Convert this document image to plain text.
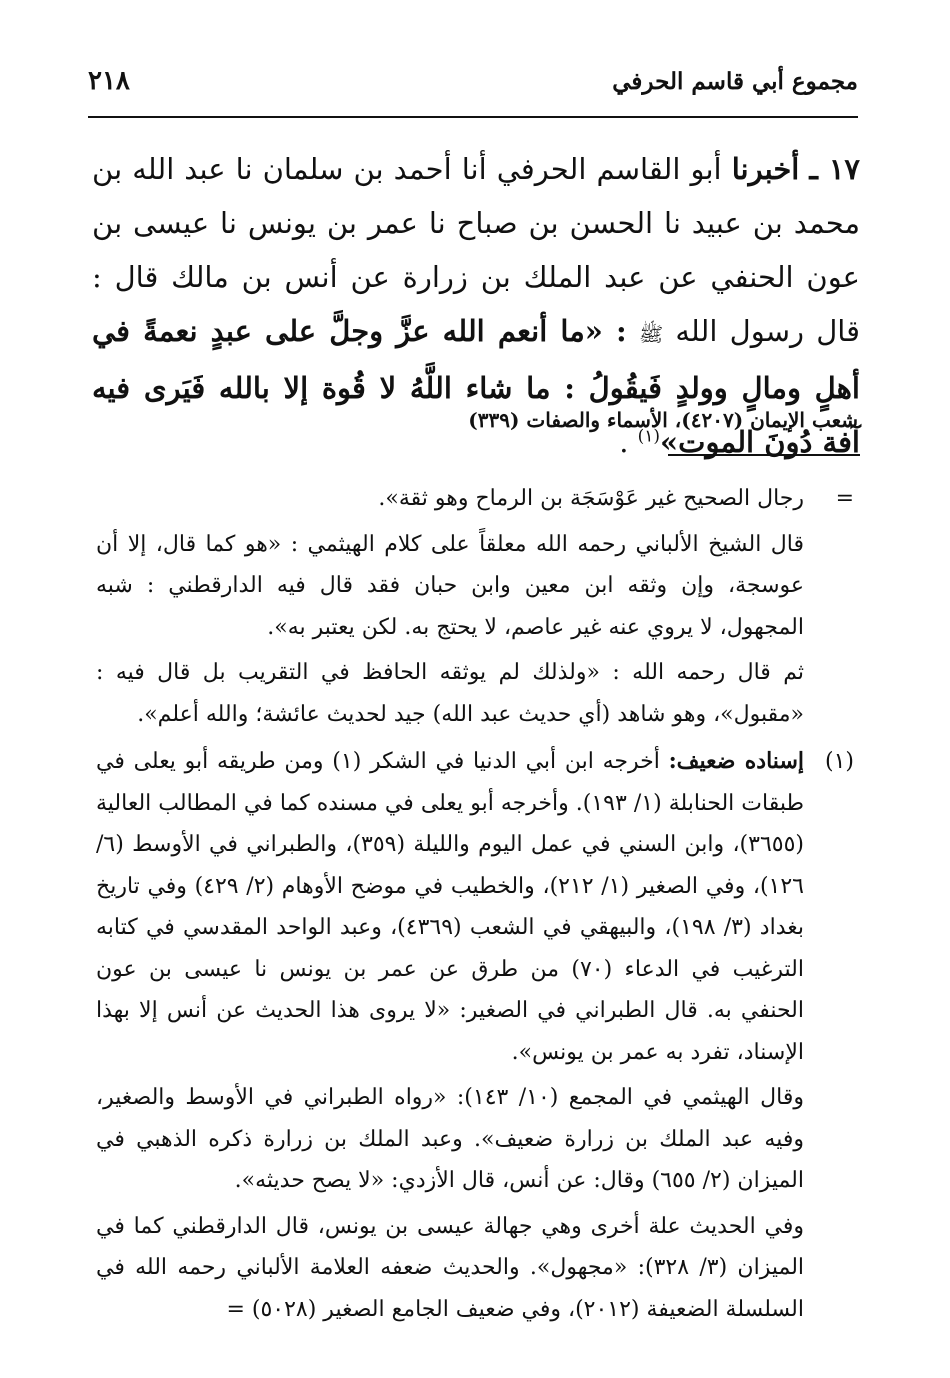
٢١٨	مجموع أبي قاسم الحرفي
١٧ ـ أخبرنا أبو القاسم الحرفي أنا أحمد بن سلمان نا عبد الله بن محمد بن عبيد نا الحسن بن صباح نا عمر بن يونس نا عيسى بن عون الحنفي عن عبد الملك بن زرارة عن أنس بن مالك قال : قال رسول الله ﷺ : «ما أنعم الله عزَّ وجلَّ على عبدٍ نعمةً في أهلٍ ومالٍ وولدٍ فَيقُولُ : ما شاء اللَّهُ لا قُوة إلا بالله فَيَرى فيه آفة دُونَ الموت»$^{(١)}$ .
شعب الإيمان (٤٢٠٧)، الأسماء والصفات (٣٣٩)
=

رجال الصحيح غير عَوْسَجَة بن الرماح وهو ثقة».

قال الشيخ الألباني رحمه الله معلقاً على كلام الهيثمي : «هو كما قال، إلا أن عوسجة، وإن وثقه ابن معين وابن حبان فقد قال فيه الدارقطني : شبه المجهول، لا يروي عنه غير عاصم، لا يحتج به. لكن يعتبر به».

ثم قال رحمه الله : «ولذلك لم يوثقه الحافظ في التقريب بل قال فيه : «مقبول»، وهو شاهد (أي حديث عبد الله) جيد لحديث عائشة؛ والله أعلم».

(١)

إسناده ضعيف: أخرجه ابن أبي الدنيا في الشكر (١) ومن طريقه أبو يعلى في طبقات الحنابلة (١/ ١٩٣). وأخرجه أبو يعلى في مسنده كما في المطالب العالية (٣٦٥٥)، وابن السني في عمل اليوم والليلة (٣٥٩)، والطبراني في الأوسط (٦/ ١٢٦)، وفي الصغير (١/ ٢١٢)، والخطيب في موضح الأوهام (٢/ ٤٢٩) وفي تاريخ بغداد (٣/ ١٩٨)، والبيهقي في الشعب (٤٣٦٩)، وعبد الواحد المقدسي في كتابه الترغيب في الدعاء (٧٠) من طرق عن عمر بن يونس نا عيسى بن عون الحنفي به. قال الطبراني في الصغير: «لا يروى هذا الحديث عن أنس إلا بهذا الإسناد، تفرد به عمر بن يونس».

وقال الهيثمي في المجمع (١٠/ ١٤٣): «رواه الطبراني في الأوسط والصغير، وفيه عبد الملك بن زرارة ضعيف». وعبد الملك بن زرارة ذكره الذهبي في الميزان (٢/ ٦٥٥) وقال: عن أنس، قال الأزدي: «لا يصح حديثه».

وفي الحديث علة أخرى وهي جهالة عيسى بن يونس، قال الدارقطني كما في الميزان (٣/ ٣٢٨): «مجهول». والحديث ضعفه العلامة الألباني رحمه الله في السلسلة الضعيفة (٢٠١٢)، وفي ضعيف الجامع الصغير (٥٠٢٨) =
